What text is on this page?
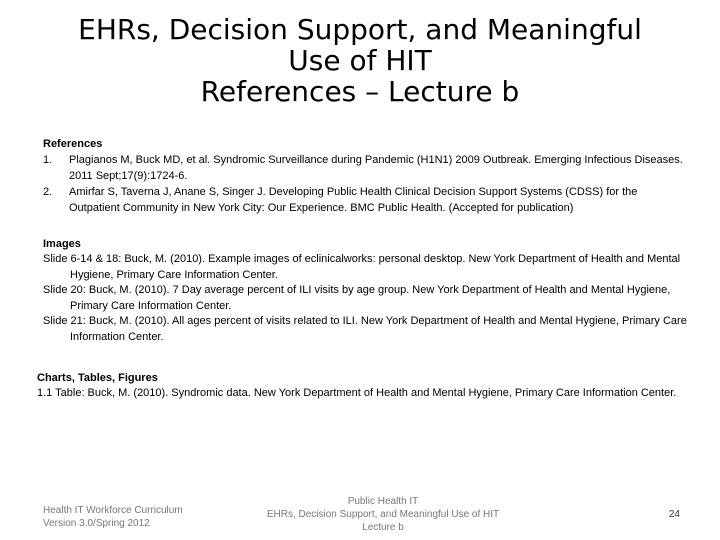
EHRs, Decision Support, and Meaningful
Use of HIT
References – Lecture b
References
1.	Plagianos M, Buck MD, et al. Syndromic Surveillance during Pandemic (H1N1) 2009 Outbreak. Emerging Infectious Diseases. 2011 Sept;17(9):1724-6.
2.	Amirfar S, Taverna J, Anane S, Singer J. Developing Public Health Clinical Decision Support Systems (CDSS) for the Outpatient Community in New York City: Our Experience. BMC Public Health. (Accepted for publication)
Images
Slide 6-14 & 18: Buck, M. (2010). Example images of eclinicalworks: personal desktop. New York Department of Health and Mental Hygiene, Primary Care Information Center.
Slide 20: Buck, M. (2010). 7 Day average percent of ILI visits by age group. New York Department of Health and Mental Hygiene, Primary Care Information Center.
Slide 21: Buck, M. (2010). All ages percent of visits related to ILI. New York Department of Health and Mental Hygiene, Primary Care Information Center.
Charts, Tables, Figures
1.1 Table: Buck, M. (2010). Syndromic data. New York Department of Health and Mental Hygiene, Primary Care Information Center.
Health IT Workforce Curriculum
Version 3.0/Spring 2012
Public Health IT
EHRs, Decision Support, and Meaningful Use of HIT
Lecture b
24
